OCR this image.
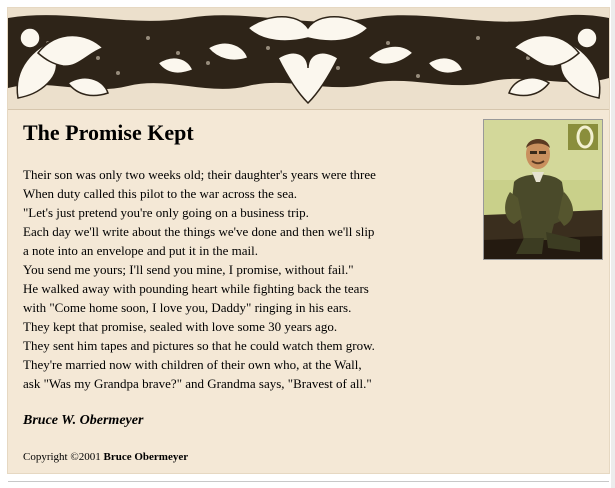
The Promise Kept
Their son was only two weeks old; their daughter's years were three
When duty called this pilot to the war across the sea.
"Let's just pretend you're only going on a business trip.
Each day we'll write about the things we've done and then we'll slip
a note into an envelope and put it in the mail.
You send me yours; I'll send you mine, I promise, without fail."
He walked away with pounding heart while fighting back the tears
with "Come home soon, I love you, Daddy" ringing in his ears.
They kept that promise, sealed with love some 30 years ago.
They sent him tapes and pictures so that he could watch them grow.
They're married now with children of their own who, at the Wall,
ask "Was my Grandpa brave?" and Grandma says, "Bravest of all."
Bruce W. Obermeyer
Copyright ©2001 Bruce Obermeyer
